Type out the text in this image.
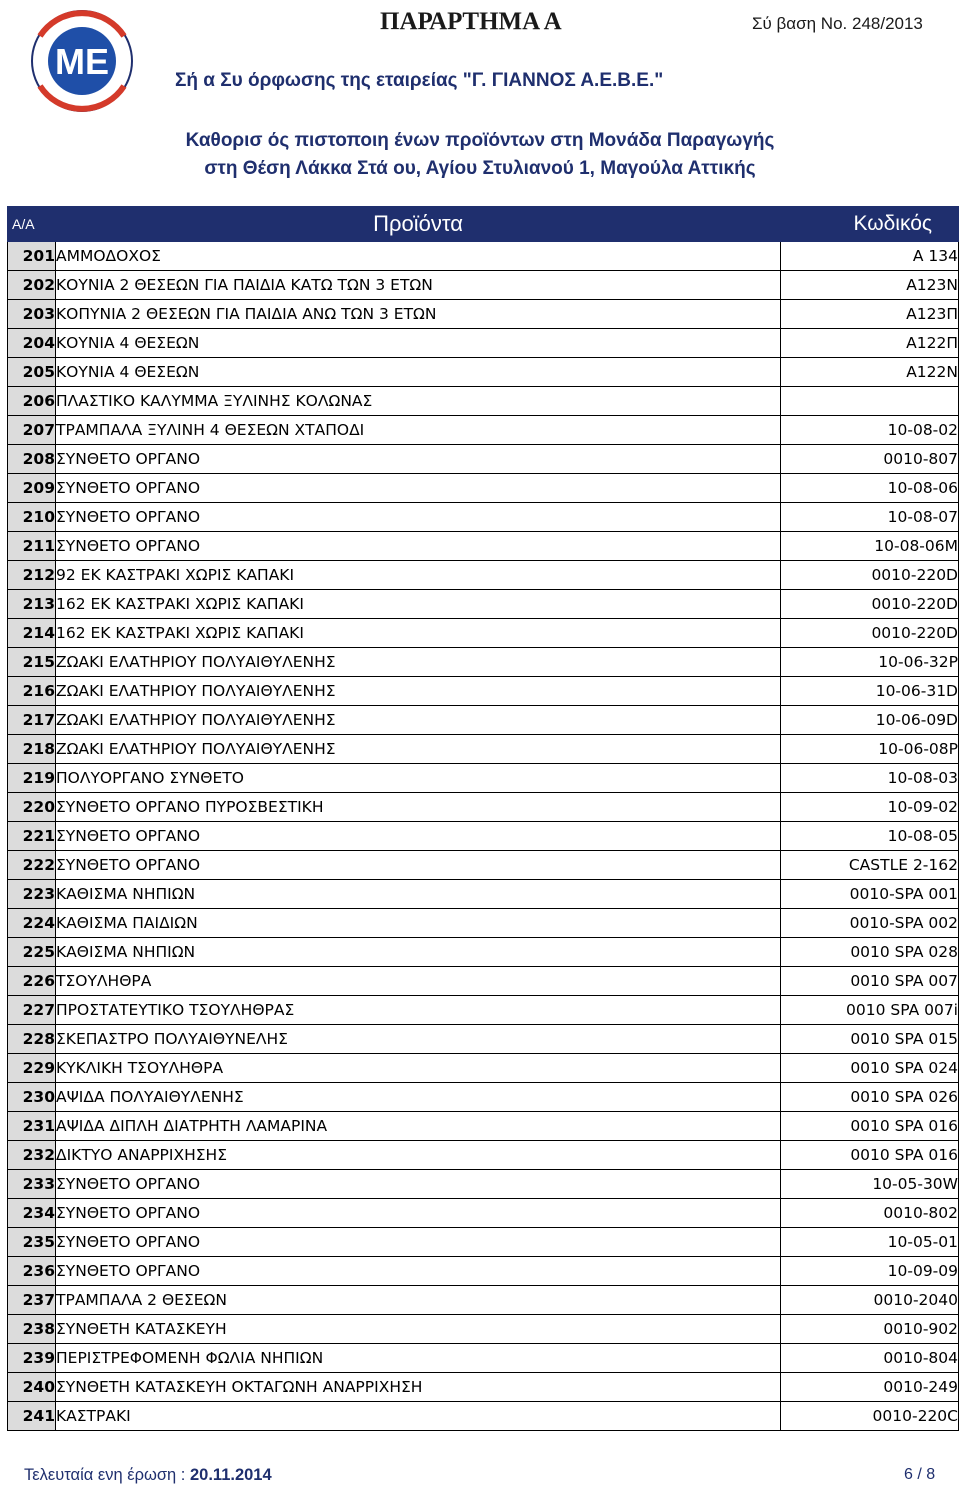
ME
ΠΑΡΑΡΤΗΜΑ Α	Σύ βαση Νο. 248/2013
Σή α Συ όρφωσης της εταιρείας "Γ. ΓΙΑΝΝΟΣ Α.Ε.Β.Ε."
Καθορισ ός πιστοποιη ένων προϊόντων στη Μονάδα Παραγωγής
στη Θέση Λάκκα Στά ου, Αγίου Στυλιανού 1, Μαγούλα Αττικής
Α/Α	Προϊόντα	Κωδικός
201	ΑΜΜΟΔΟΧΟΣ	A 134
202	ΚΟΥΝΙΑ 2 ΘΕΣΕΩΝ ΓΙΑ ΠΑΙΔΙΑ ΚΑΤΩ ΤΩΝ 3 ΕΤΩΝ	A123N
203	ΚΟΠΥΝΙΑ 2 ΘΕΣΕΩΝ ΓΙΑ ΠΑΙΔΙΑ ΑΝΩ ΤΩΝ 3 ΕΤΩΝ	A123Π
204	ΚΟΥΝΙΑ 4 ΘΕΣΕΩΝ	A122Π
205	ΚΟΥΝΙΑ 4 ΘΕΣΕΩΝ	A122N
206	ΠΛΑΣΤΙΚΟ ΚΑΛΥΜΜΑ ΞΥΛΙΝΗΣ ΚΟΛΩΝΑΣ	
207	ΤΡΑΜΠΑΛΑ ΞΥΛΙΝΗ 4 ΘΕΣΕΩΝ ΧΤΑΠΟΔΙ	10-08-02
208	ΣΥΝΘΕΤΟ ΟΡΓΑΝΟ	0010-807
209	ΣΥΝΘΕΤΟ ΟΡΓΑΝΟ	10-08-06
210	ΣΥΝΘΕΤΟ ΟΡΓΑΝΟ	10-08-07
211	ΣΥΝΘΕΤΟ ΟΡΓΑΝΟ	10-08-06M
212	92 ΕΚ ΚΑΣΤΡΑΚΙ ΧΩΡΙΣ ΚΑΠΑΚΙ	0010-220D
213	162 ΕΚ ΚΑΣΤΡΑΚΙ ΧΩΡΙΣ ΚΑΠΑΚΙ	0010-220D
214	162 ΕΚ ΚΑΣΤΡΑΚΙ ΧΩΡΙΣ ΚΑΠΑΚΙ	0010-220D
215	ΖΩΑΚΙ ΕΛΑΤΗΡΙΟΥ ΠΟΛΥΑΙΘΥΛΕΝΗΣ	10-06-32P
216	ΖΩΑΚΙ ΕΛΑΤΗΡΙΟΥ ΠΟΛΥΑΙΘΥΛΕΝΗΣ	10-06-31D
217	ΖΩΑΚΙ ΕΛΑΤΗΡΙΟΥ ΠΟΛΥΑΙΘΥΛΕΝΗΣ	10-06-09D
218	ΖΩΑΚΙ ΕΛΑΤΗΡΙΟΥ ΠΟΛΥΑΙΘΥΛΕΝΗΣ	10-06-08P
219	ΠΟΛΥΟΡΓΑΝΟ ΣΥΝΘΕΤΟ	10-08-03
220	ΣΥΝΘΕΤΟ ΟΡΓΑΝΟ ΠΥΡΟΣΒΕΣΤΙΚΗ	10-09-02
221	ΣΥΝΘΕΤΟ ΟΡΓΑΝΟ	10-08-05
222	ΣΥΝΘΕΤΟ ΟΡΓΑΝΟ	CASTLE 2-162
223	ΚΑΘΙΣΜΑ ΝΗΠΙΩΝ	0010-SPA 001
224	ΚΑΘΙΣΜΑ ΠΑΙΔΙΩΝ	0010-SPA 002
225	ΚΑΘΙΣΜΑ ΝΗΠΙΩΝ	0010 SPA 028
226	ΤΣΟΥΛΗΘΡΑ	0010 SPA 007
227	ΠΡΟΣΤΑΤΕΥΤΙΚΟ ΤΣΟΥΛΗΘΡΑΣ	0010 SPA 007i
228	ΣΚΕΠΑΣΤΡΟ ΠΟΛΥΑΙΘΥΝΕΛΗΣ	0010 SPA 015
229	ΚΥΚΛΙΚΗ ΤΣΟΥΛΗΘΡΑ	0010 SPA 024
230	ΑΨΙΔΑ ΠΟΛΥΑΙΘΥΛΕΝΗΣ	0010 SPA 026
231	ΑΨΙΔΑ ΔΙΠΛΗ ΔΙΑΤΡΗΤΗ ΛΑΜΑΡΙΝΑ	0010 SPA 016
232	ΔΙΚΤΥΟ ΑΝΑΡΡΙΧΗΣΗΣ	0010 SPA 016
233	ΣΥΝΘΕΤΟ ΟΡΓΑΝΟ	10-05-30W
234	ΣΥΝΘΕΤΟ ΟΡΓΑΝΟ	0010-802
235	ΣΥΝΘΕΤΟ ΟΡΓΑΝΟ	10-05-01
236	ΣΥΝΘΕΤΟ ΟΡΓΑΝΟ	10-09-09
237	ΤΡΑΜΠΑΛΑ 2 ΘΕΣΕΩΝ	0010-2040
238	ΣΥΝΘΕΤΗ ΚΑΤΑΣΚΕΥΗ	0010-902
239	ΠΕΡΙΣΤΡΕΦΟΜΕΝΗ ΦΩΛΙΑ ΝΗΠΙΩΝ	0010-804
240	ΣΥΝΘΕΤΗ ΚΑΤΑΣΚΕΥΗ ΟΚΤΑΓΩΝΗ ΑΝΑΡΡΙΧΗΣΗ	0010-249
241	ΚΑΣΤΡΑΚΙ	0010-220C
Τελευταία ενη έρωση : 20.11.2014	6 / 8
